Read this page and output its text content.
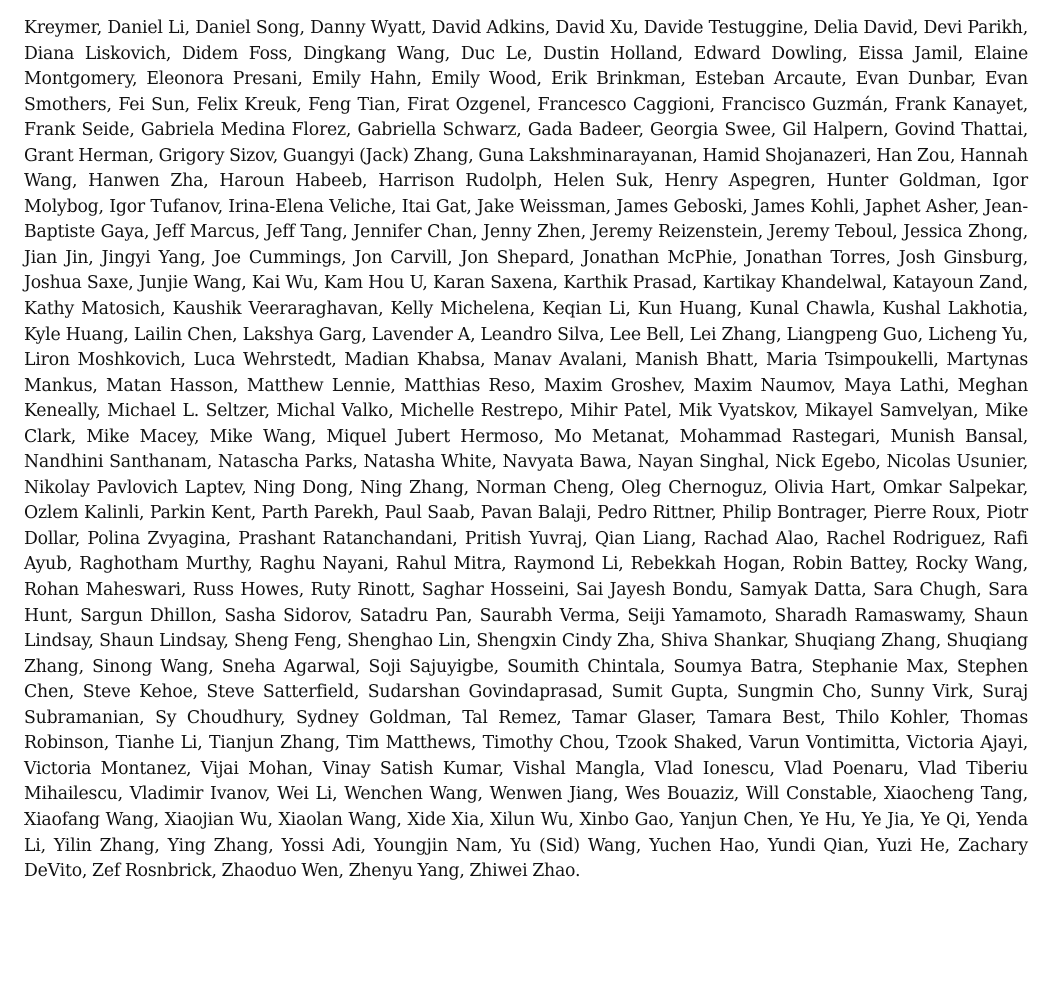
Kreymer, Daniel Li, Daniel Song, Danny Wyatt, David Adkins, David Xu, Davide Testuggine, Delia David, Devi Parikh, Diana Liskovich, Didem Foss, Dingkang Wang, Duc Le, Dustin Holland, Edward Dowling, Eissa Jamil, Elaine Montgomery, Eleonora Presani, Emily Hahn, Emily Wood, Erik Brinkman, Esteban Arcaute, Evan Dunbar, Evan Smothers, Fei Sun, Felix Kreuk, Feng Tian, Firat Ozgenel, Francesco Caggioni, Francisco Guzmán, Frank Kanayet, Frank Seide, Gabriela Medina Florez, Gabriella Schwarz, Gada Badeer, Georgia Swee, Gil Halpern, Govind Thattai, Grant Herman, Grigory Sizov, Guangyi (Jack) Zhang, Guna Lakshminarayanan, Hamid Shojanazeri, Han Zou, Hannah Wang, Hanwen Zha, Haroun Habeeb, Harrison Rudolph, Helen Suk, Henry Aspegren, Hunter Goldman, Igor Molybog, Igor Tufanov, Irina-Elena Veliche, Itai Gat, Jake Weissman, James Geboski, James Kohli, Japhet Asher, Jean-Baptiste Gaya, Jeff Marcus, Jeff Tang, Jennifer Chan, Jenny Zhen, Jeremy Reizenstein, Jeremy Teboul, Jessica Zhong, Jian Jin, Jingyi Yang, Joe Cummings, Jon Carvill, Jon Shepard, Jonathan McPhie, Jonathan Torres, Josh Ginsburg, Joshua Saxe, Junjie Wang, Kai Wu, Kam Hou U, Karan Saxena, Karthik Prasad, Kartikay Khandelwal, Katayoun Zand, Kathy Matosich, Kaushik Veeraraghavan, Kelly Michelena, Keqian Li, Kun Huang, Kunal Chawla, Kushal Lakhotia, Kyle Huang, Lailin Chen, Lakshya Garg, Lavender A, Leandro Silva, Lee Bell, Lei Zhang, Liangpeng Guo, Licheng Yu, Liron Moshkovich, Luca Wehrstedt, Madian Khabsa, Manav Avalani, Manish Bhatt, Maria Tsimpoukelli, Martynas Mankus, Matan Hasson, Matthew Lennie, Matthias Reso, Maxim Groshev, Maxim Naumov, Maya Lathi, Meghan Keneally, Michael L. Seltzer, Michal Valko, Michelle Restrepo, Mihir Patel, Mik Vyatskov, Mikayel Samvelyan, Mike Clark, Mike Macey, Mike Wang, Miquel Jubert Hermoso, Mo Metanat, Mohammad Rastegari, Munish Bansal, Nandhini Santhanam, Natascha Parks, Natasha White, Navyata Bawa, Nayan Singhal, Nick Egebo, Nicolas Usunier, Nikolay Pavlovich Laptev, Ning Dong, Ning Zhang, Norman Cheng, Oleg Chernoguz, Olivia Hart, Omkar Salpekar, Ozlem Kalinli, Parkin Kent, Parth Parekh, Paul Saab, Pavan Balaji, Pedro Rittner, Philip Bontrager, Pierre Roux, Piotr Dollar, Polina Zvyagina, Prashant Ratanchandani, Pritish Yuvraj, Qian Liang, Rachad Alao, Rachel Rodriguez, Rafi Ayub, Raghotham Murthy, Raghu Nayani, Rahul Mitra, Raymond Li, Rebekkah Hogan, Robin Battey, Rocky Wang, Rohan Maheswari, Russ Howes, Ruty Rinott, Saghar Hosseini, Sai Jayesh Bondu, Samyak Datta, Sara Chugh, Sara Hunt, Sargun Dhillon, Sasha Sidorov, Satadru Pan, Saurabh Verma, Seiji Yamamoto, Sharadh Ramaswamy, Shaun Lindsay, Shaun Lindsay, Sheng Feng, Shenghao Lin, Shengxin Cindy Zha, Shiva Shankar, Shuqiang Zhang, Shuqiang Zhang, Sinong Wang, Sneha Agarwal, Soji Sajuyigbe, Soumith Chintala, Soumya Batra, Stephanie Max, Stephen Chen, Steve Kehoe, Steve Satterfield, Sudarshan Govindaprasad, Sumit Gupta, Sungmin Cho, Sunny Virk, Suraj Subramanian, Sy Choudhury, Sydney Goldman, Tal Remez, Tamar Glaser, Tamara Best, Thilo Kohler, Thomas Robinson, Tianhe Li, Tianjun Zhang, Tim Matthews, Timothy Chou, Tzook Shaked, Varun Vontimitta, Victoria Ajayi, Victoria Montanez, Vijai Mohan, Vinay Satish Kumar, Vishal Mangla, Vlad Ionescu, Vlad Poenaru, Vlad Tiberiu Mihailescu, Vladimir Ivanov, Wei Li, Wenchen Wang, Wenwen Jiang, Wes Bouaziz, Will Constable, Xiaocheng Tang, Xiaofang Wang, Xiaojian Wu, Xiaolan Wang, Xide Xia, Xilun Wu, Xinbo Gao, Yanjun Chen, Ye Hu, Ye Jia, Ye Qi, Yenda Li, Yilin Zhang, Ying Zhang, Yossi Adi, Youngjin Nam, Yu (Sid) Wang, Yuchen Hao, Yundi Qian, Yuzi He, Zachary DeVito, Zef Rosnbrick, Zhaoduo Wen, Zhenyu Yang, Zhiwei Zhao.
